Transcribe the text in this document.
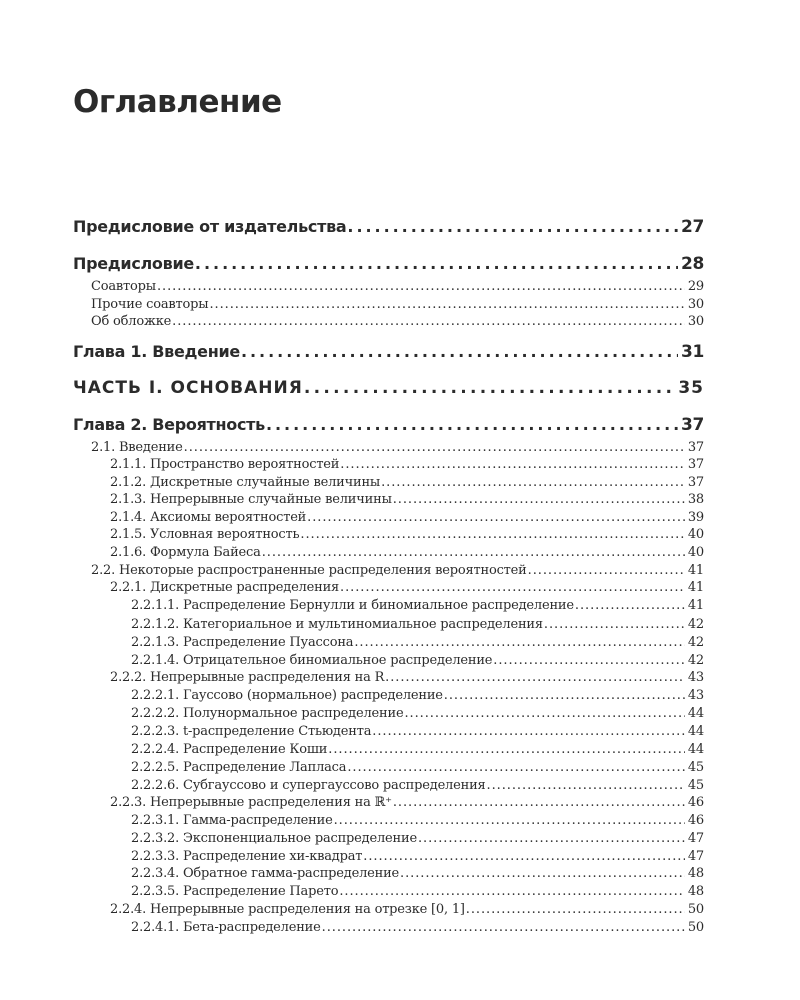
Оглавление
Предисловие от издательства . . .	27
Предисловие . . .	28
Соавторы . . .	29
Прочие соавторы . . .	30
Об обложке . . .	30
Глава 1. Введение . . .	31
ЧАСТЬ I. ОСНОВАНИЯ . . .	35
Глава 2. Вероятность . . .	37
2.1. Введение . . .	37
2.1.1. Пространство вероятностей . . .	37
2.1.2. Дискретные случайные величины . . .	37
2.1.3. Непрерывные случайные величины . . .	38
2.1.4. Аксиомы вероятностей . . .	39
2.1.5. Условная вероятность . . .	40
2.1.6. Формула Байеса . . .	40
2.2. Некоторые распространенные распределения вероятностей . . .	41
2.2.1. Дискретные распределения . . .	41
2.2.1.1. Распределение Бернулли и биномиальное распределение . . .	41
2.2.1.2. Категориальное и мультиномиальное распределения . . .	42
2.2.1.3. Распределение Пуассона . . .	42
2.2.1.4. Отрицательное биномиальное распределение . . .	42
2.2.2. Непрерывные распределения на R . . .	43
2.2.2.1. Гауссово (нормальное) распределение . . .	43
2.2.2.2. Полунормальное распределение . . .	44
2.2.2.3. t-распределение Стьюдента . . .	44
2.2.2.4. Распределение Коши . . .	44
2.2.2.5. Распределение Лапласа . . .	45
2.2.2.6. Субгауссово и супергауссово распределения . . .	45
2.2.3. Непрерывные распределения на ℝ⁺ . . .	46
2.2.3.1. Гамма-распределение . . .	46
2.2.3.2. Экспоненциальное распределение . . .	47
2.2.3.3. Распределение хи-квадрат . . .	47
2.2.3.4. Обратное гамма-распределение . . .	48
2.2.3.5. Распределение Парето . . .	48
2.2.4. Непрерывные распределения на отрезке [0, 1] . . .	50
2.2.4.1. Бета-распределение . . .	50
